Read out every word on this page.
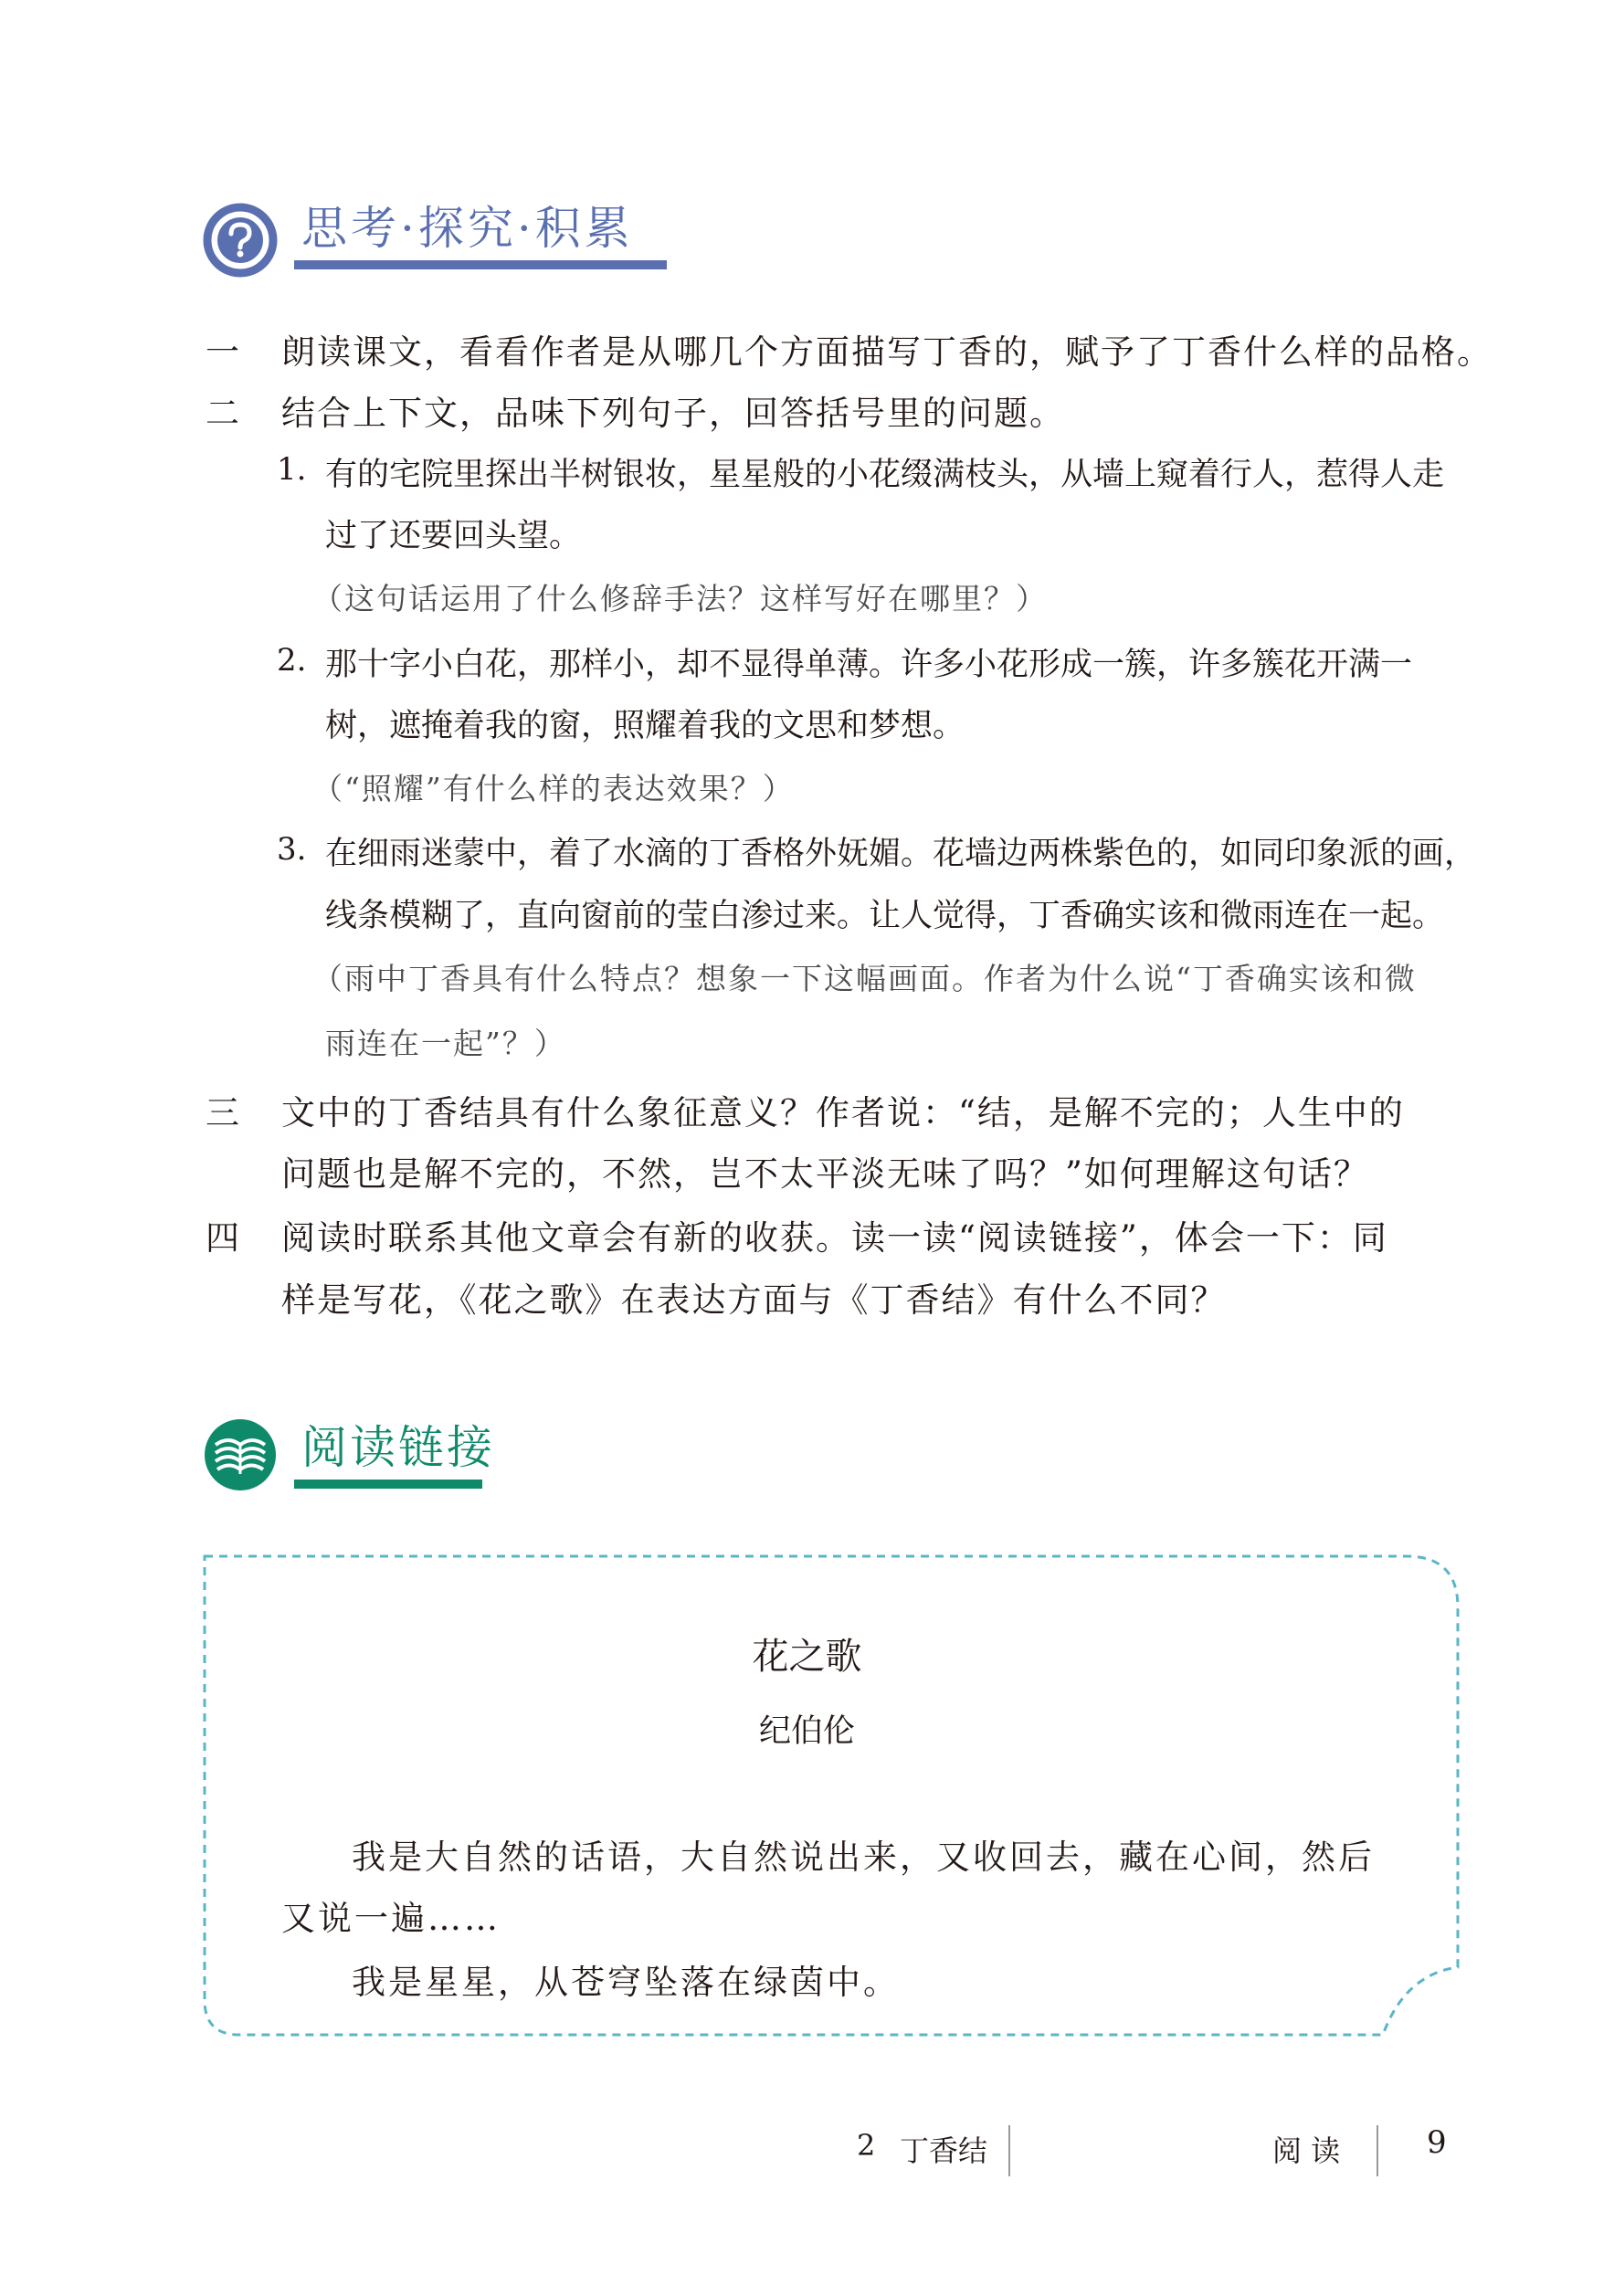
思考·探究·积累
一 朗读课文，看看作者是从哪几个方面描写丁香的，赋予了丁香什么样的品格。
二 结合上下文，品味下列句子，回答括号里的问题。
1. 有的宅院里探出半树银妆，星星般的小花缀满枝头，从墙上窥着行人，惹得人走
过了还要回头望。
（这句话运用了什么修辞手法？这样写好在哪里？）
2. 那十字小白花，那样小，却不显得单薄。许多小花形成一簇，许多簇花开满一
树，遮掩着我的窗，照耀着我的文思和梦想。
（“照耀”有什么样的表达效果？）
3. 在细雨迷蒙中，着了水滴的丁香格外妩媚。花墙边两株紫色的，如同印象派的画，
线条模糊了，直向窗前的莹白渗过来。让人觉得，丁香确实该和微雨连在一起。
（雨中丁香具有什么特点？想象一下这幅画面。作者为什么说“丁香确实该和微
雨连在一起”？）
三 文中的丁香结具有什么象征意义？作者说：“结，是解不完的；人生中的
问题也是解不完的，不然，岂不太平淡无味了吗？”如何理解这句话？
四 阅读时联系其他文章会有新的收获。读一读“阅读链接”，体会一下：同
样是写花，《花之歌》在表达方面与《丁香结》有什么不同？
阅读链接
花之歌
纪伯伦
我是大自然的话语，大自然说出来，又收回去，藏在心间，然后
又说一遍……
我是星星，从苍穹坠落在绿茵中。
2 丁香结	阅 读	9
